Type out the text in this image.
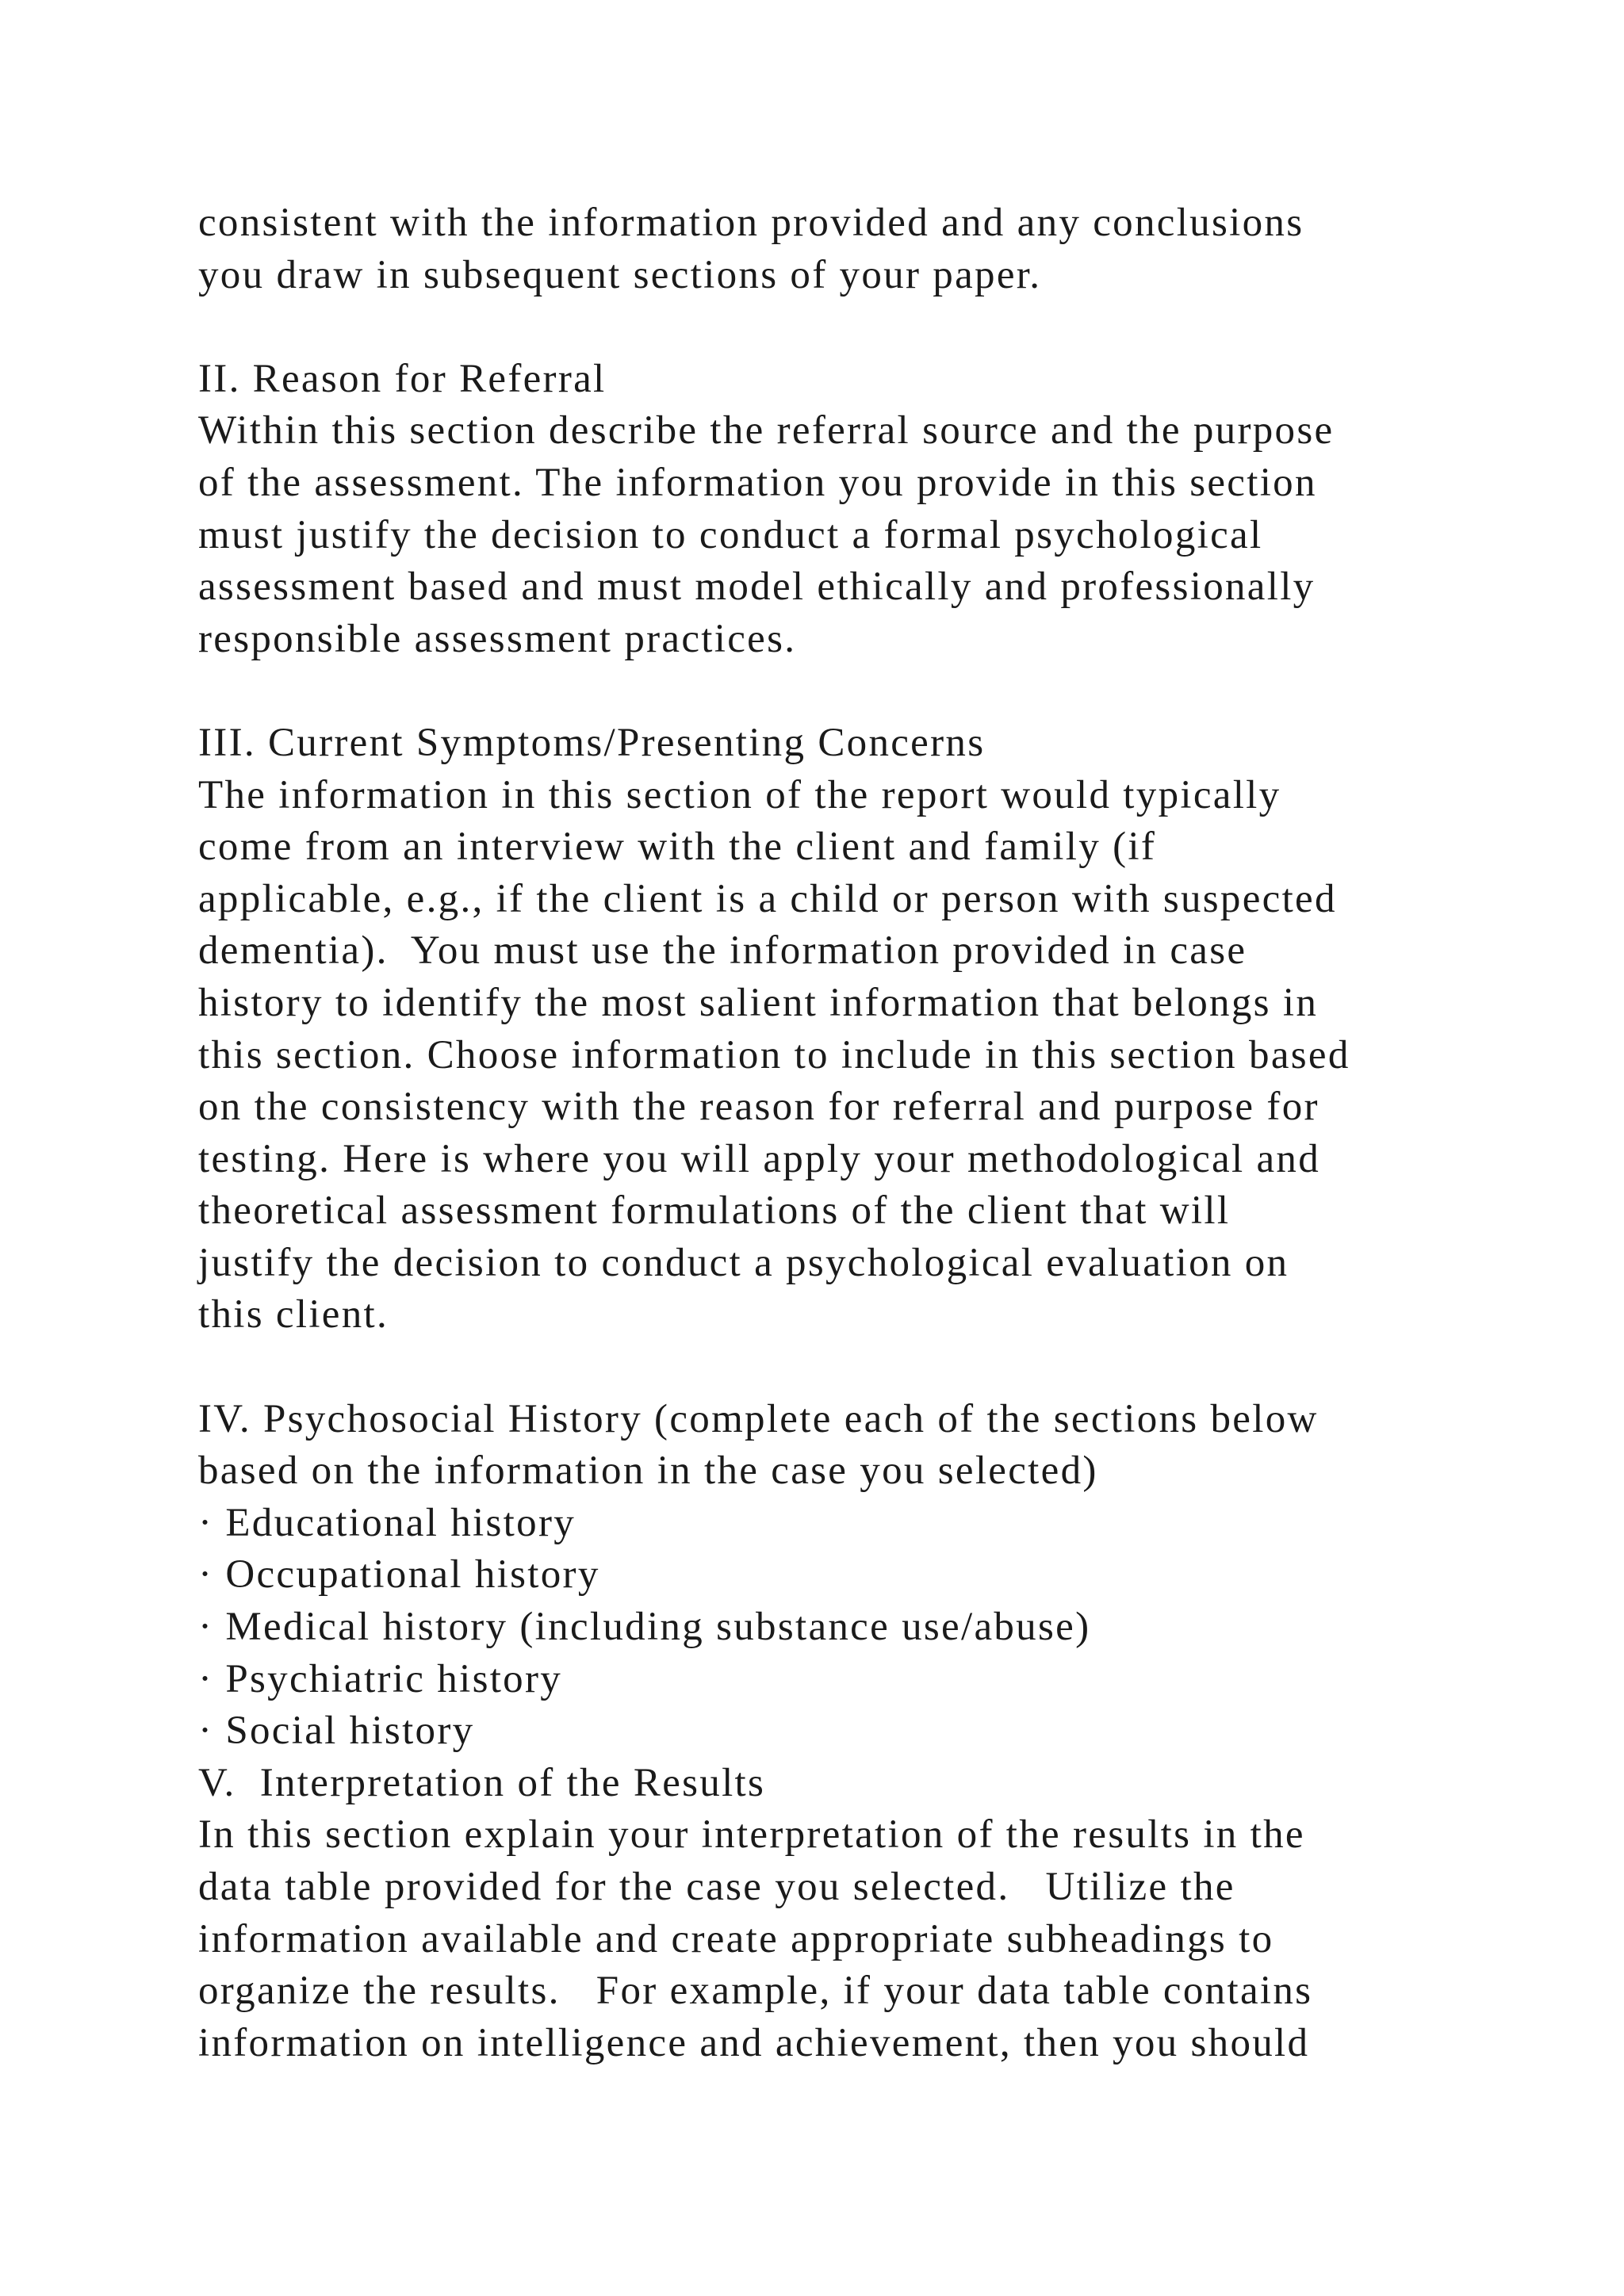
consistent with the information provided and any conclusions
you draw in subsequent sections of your paper.
II. Reason for Referral
Within this section describe the referral source and the purpose
of the assessment. The information you provide in this section
must justify the decision to conduct a formal psychological
assessment based and must model ethically and professionally
responsible assessment practices.
III. Current Symptoms/Presenting Concerns
The information in this section of the report would typically
come from an interview with the client and family (if
applicable, e.g., if the client is a child or person with suspected
dementia).  You must use the information provided in case
history to identify the most salient information that belongs in
this section. Choose information to include in this section based
on the consistency with the reason for referral and purpose for
testing. Here is where you will apply your methodological and
theoretical assessment formulations of the client that will
justify the decision to conduct a psychological evaluation on
this client.
IV. Psychosocial History (complete each of the sections below
based on the information in the case you selected)
· Educational history
· Occupational history
· Medical history (including substance use/abuse)
· Psychiatric history
· Social history
V.  Interpretation of the Results
In this section explain your interpretation of the results in the
data table provided for the case you selected.   Utilize the
information available and create appropriate subheadings to
organize the results.   For example, if your data table contains
information on intelligence and achievement, then you should
